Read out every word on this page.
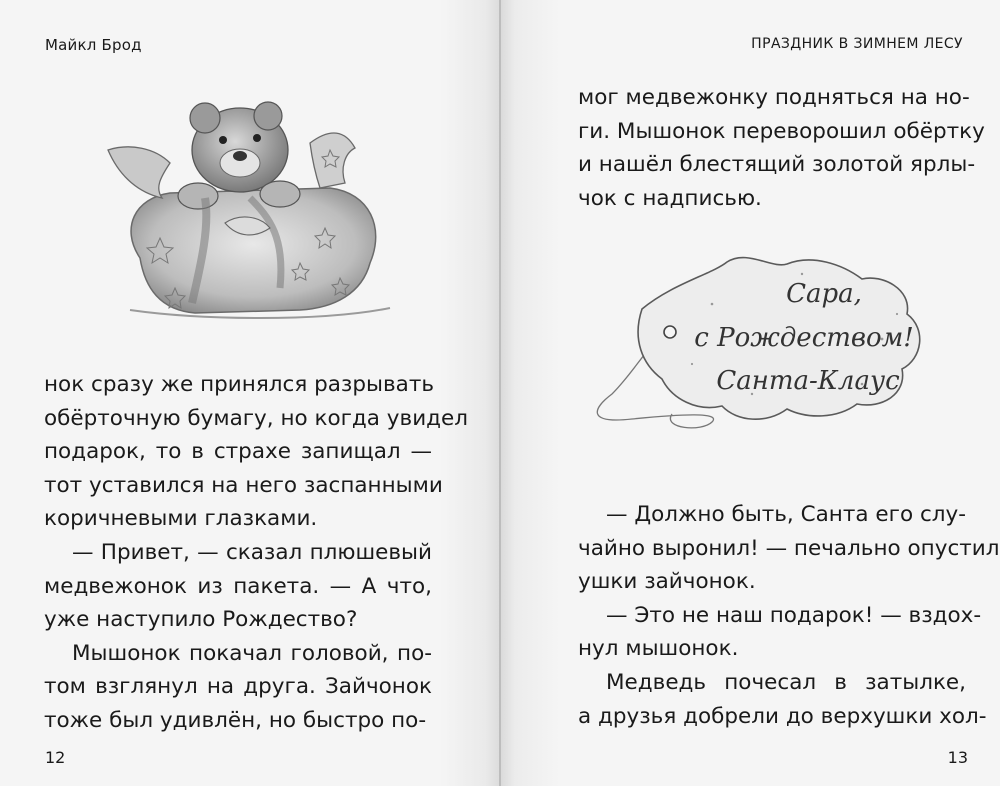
Майкл Брод

нок сразу же принялся разрывать
обёрточную бумагу, но когда увидел
подарок, то в страхе запищал —
тот уставился на него заспанными
коричневыми глазками.

— Привет, — сказал плюшевый
медвежонок из пакета. — А что,
уже наступило Рождество?

Мышонок покачал головой, по-
том взглянул на друга. Зайчонок
тоже был удивлён, но быстро по-

12
ПРАЗДНИК В ЗИМНЕМ ЛЕСУ
13

мог медвежонку подняться на но-
ги. Мышонок переворошил обёртку
и нашёл блестящий золотой ярлы-
чок с надписью.

Сара,
с Рождеством!
Санта-Клаус

— Должно быть, Санта его слу-
чайно выронил! — печально опустил
ушки зайчонок.

— Это не наш подарок! — вздох-
нул мышонок.

Медведь почесал в затылке,
а друзья добрели до верхушки хол-
